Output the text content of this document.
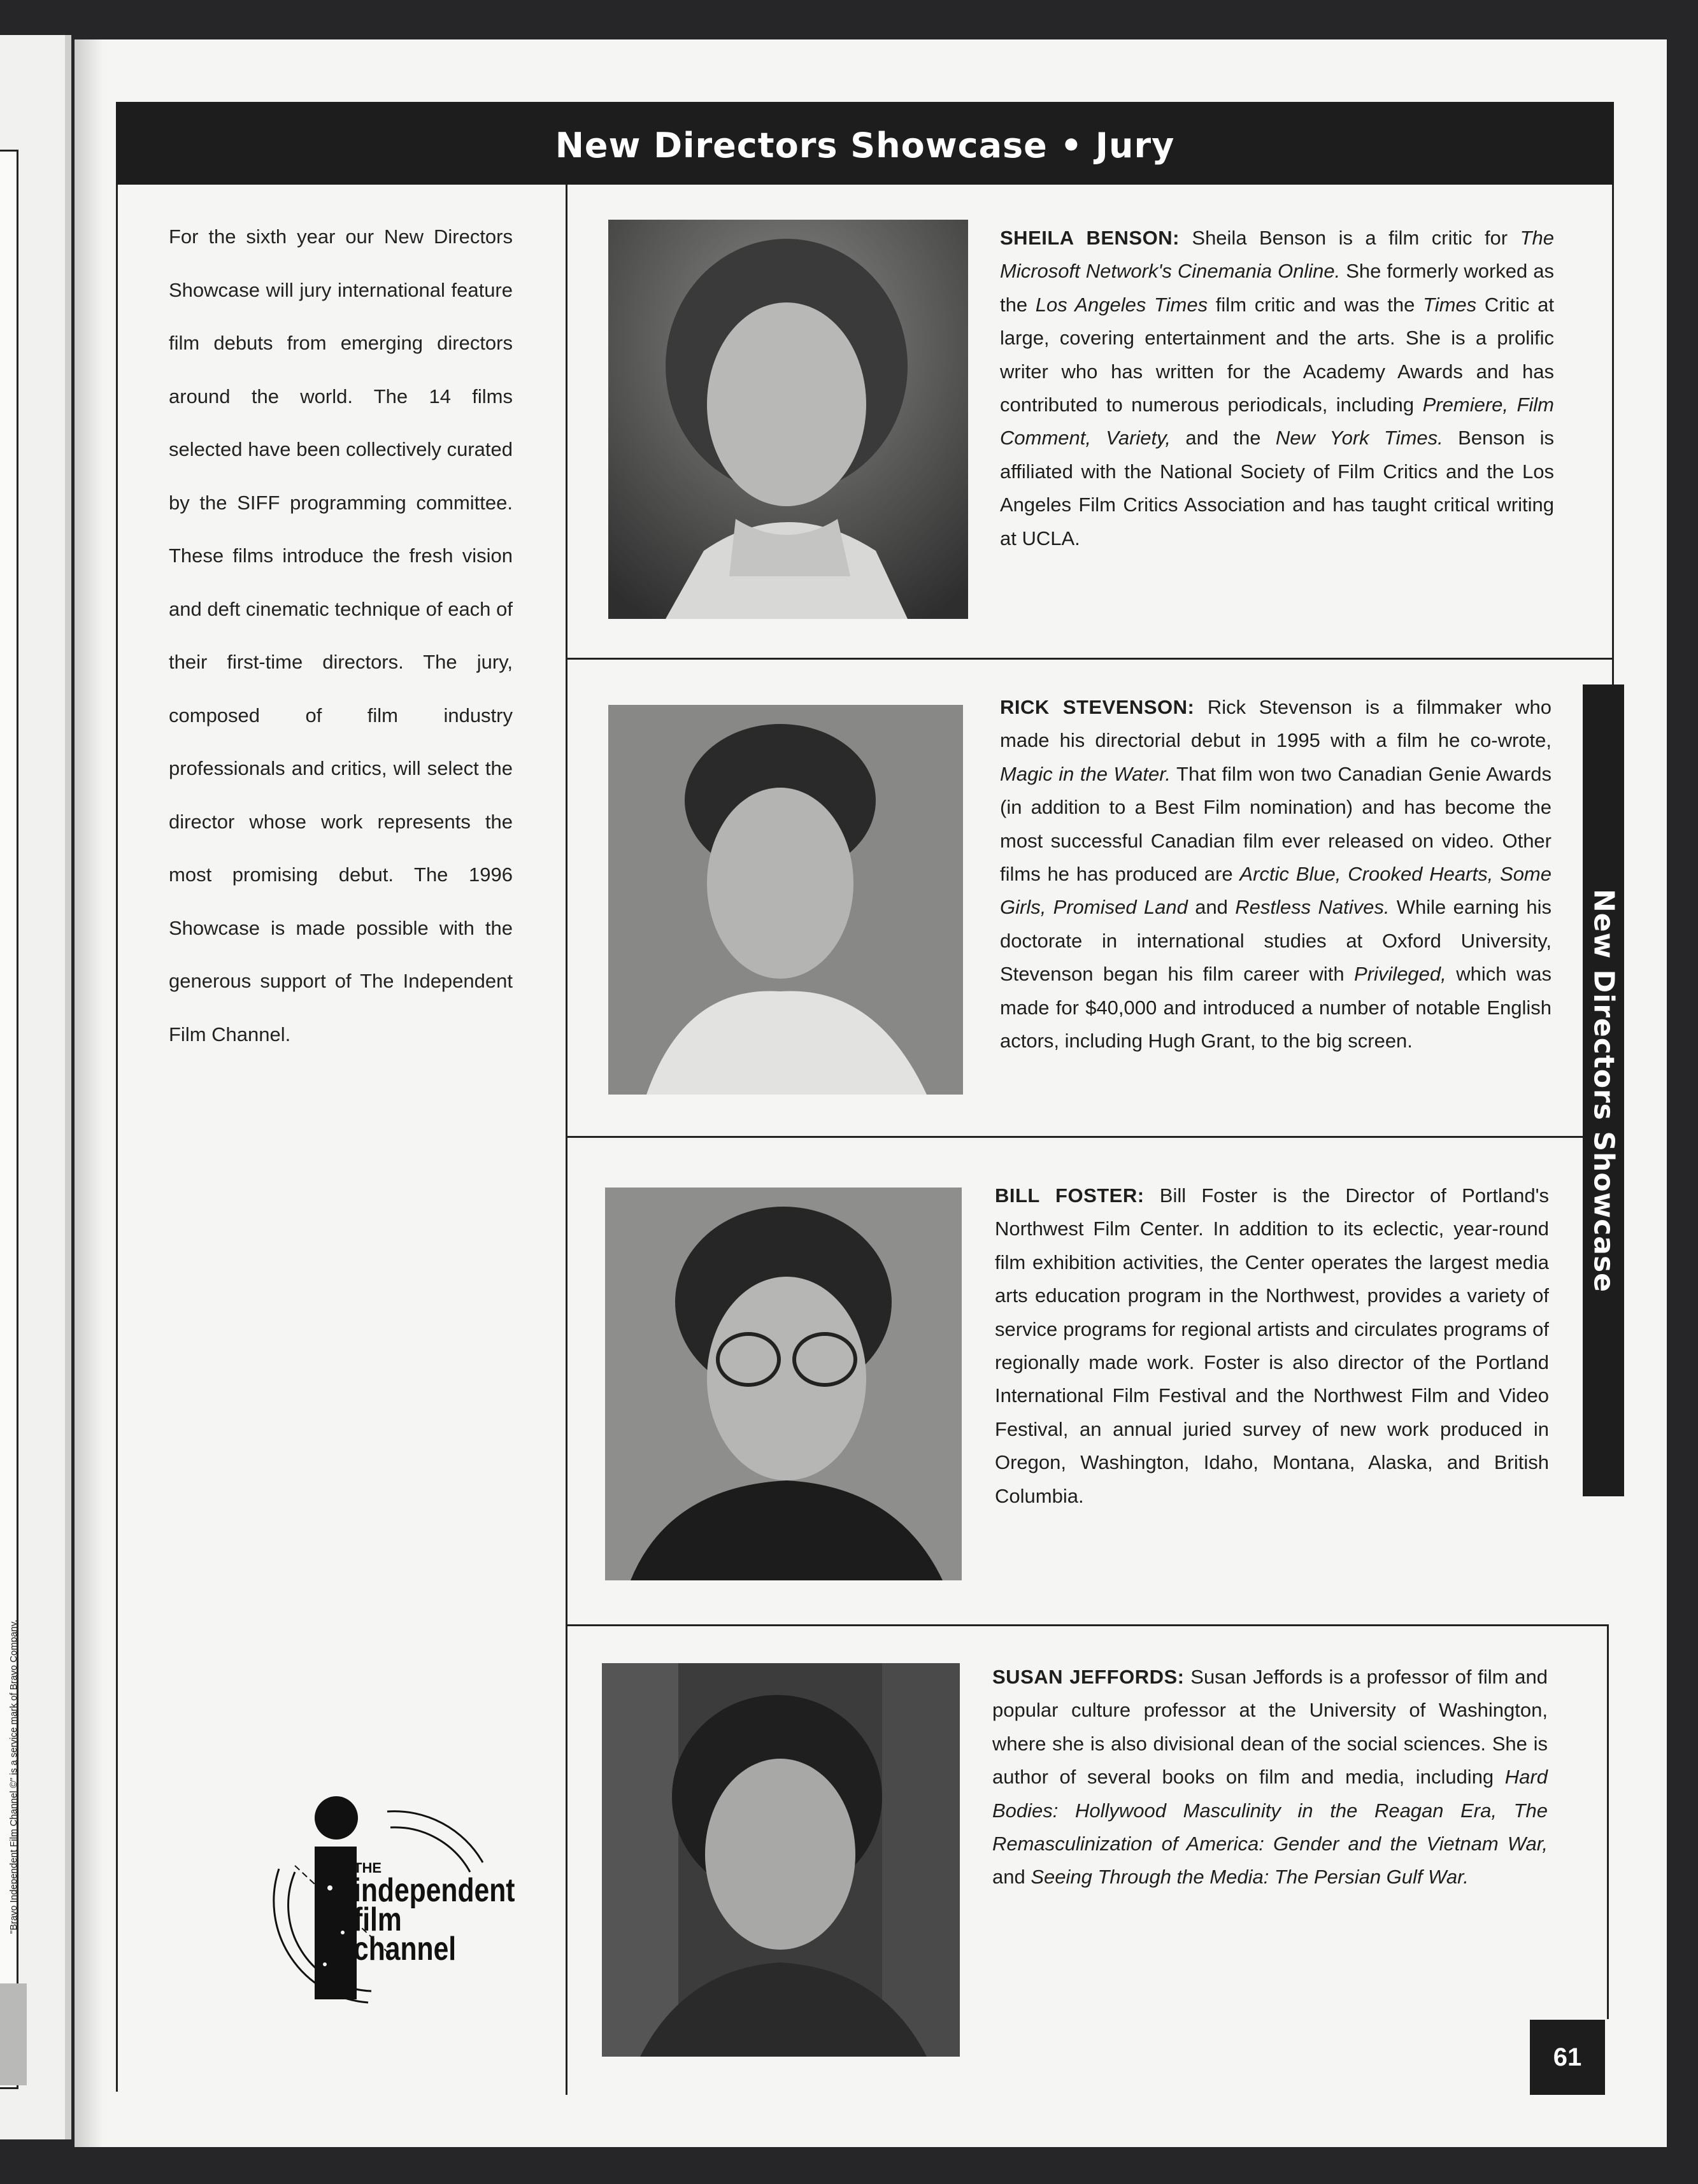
"Bravo Independent Film Channel ©" is a service mark of Bravo Company.
New Directors Showcase • Jury

For the sixth year our New Directors Showcase will jury international feature film debuts from emerging directors around the world. The 14 films selected have been collectively curated by the SIFF programming committee. These films introduce the fresh vision and deft cinematic technique of each of their first-time directors. The jury, composed of film industry professionals and critics, will select the director whose work represents the most promising debut. The 1996 Showcase is made possible with the generous support of The Independent Film Channel.

THE
independent
film
channel

SHEILA BENSON: Sheila Benson is a film critic for The Microsoft Network's Cinemania Online. She formerly worked as the Los Angeles Times film critic and was the Times Critic at large, covering entertainment and the arts. She is a prolific writer who has written for the Academy Awards and has contributed to numerous periodicals, including Premiere, Film Comment, Variety, and the New York Times. Benson is affiliated with the National Society of Film Critics and the Los Angeles Film Critics Association and has taught critical writing at UCLA.

RICK STEVENSON: Rick Stevenson is a filmmaker who made his directorial debut in 1995 with a film he co-wrote, Magic in the Water. That film won two Canadian Genie Awards (in addition to a Best Film nomination) and has become the most successful Canadian film ever released on video. Other films he has produced are Arctic Blue, Crooked Hearts, Some Girls, Promised Land and Restless Natives. While earning his doctorate in international studies at Oxford University, Stevenson began his film career with Privileged, which was made for $40,000 and introduced a number of notable English actors, including Hugh Grant, to the big screen.

BILL FOSTER: Bill Foster is the Director of Portland's Northwest Film Center. In addition to its eclectic, year-round film exhibition activities, the Center operates the largest media arts education program in the Northwest, provides a variety of service programs for regional artists and circulates programs of regionally made work. Foster is also director of the Portland International Film Festival and the Northwest Film and Video Festival, an annual juried survey of new work produced in Oregon, Washington, Idaho, Montana, Alaska, and British Columbia.

SUSAN JEFFORDS: Susan Jeffords is a professor of film and popular culture professor at the University of Washington, where she is also divisional dean of the social sciences. She is author of several books on film and media, including Hard Bodies: Hollywood Masculinity in the Reagan Era, The Remasculinization of America: Gender and the Vietnam War, and Seeing Through the Media: The Persian Gulf War.

New Directors Showcase
61
